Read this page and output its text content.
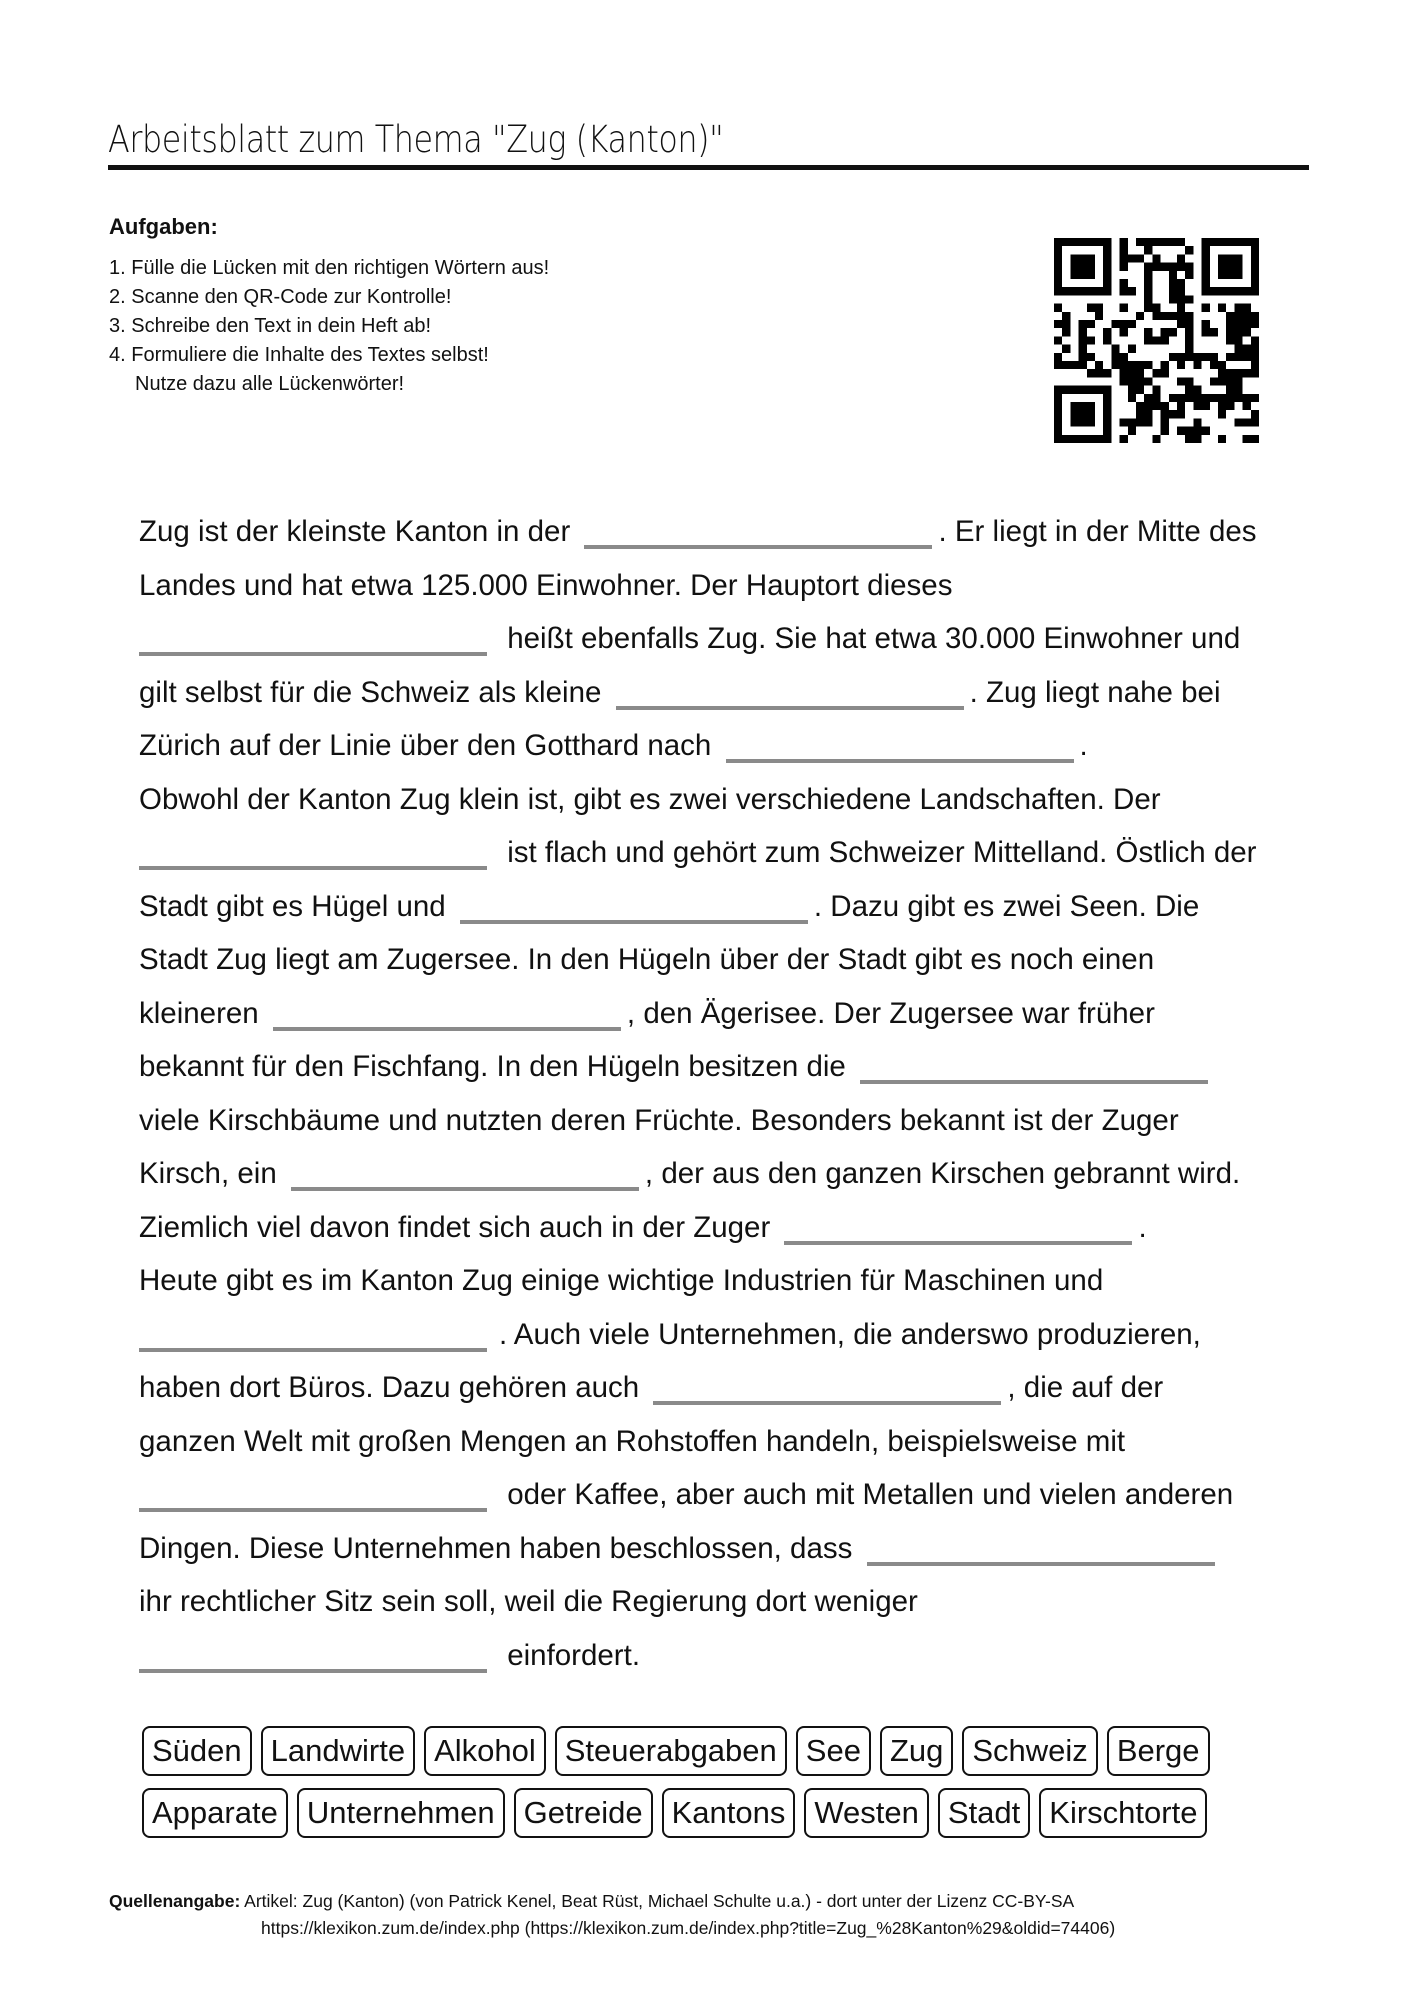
Arbeitsblatt zum Thema "Zug (Kanton)"
Aufgaben:
1. Fülle die Lücken mit den richtigen Wörtern aus!
2. Scanne den QR-Code zur Kontrolle!
3. Schreibe den Text in dein Heft ab!
4. Formuliere die Inhalte des Textes selbst!
Nutze dazu alle Lückenwörter!
Zug ist der kleinste Kanton in der	. Er liegt in der Mitte des
Landes und hat etwa 125.000 Einwohner. Der Hauptort dieses
heißt ebenfalls Zug. Sie hat etwa 30.000 Einwohner und
gilt selbst für die Schweiz als kleine	. Zug liegt nahe bei
Zürich auf der Linie über den Gotthard nach	.
Obwohl der Kanton Zug klein ist, gibt es zwei verschiedene Landschaften. Der
ist flach und gehört zum Schweizer Mittelland. Östlich der
Stadt gibt es Hügel und	. Dazu gibt es zwei Seen. Die
Stadt Zug liegt am Zugersee. In den Hügeln über der Stadt gibt es noch einen
kleineren	, den Ägerisee. Der Zugersee war früher
bekannt für den Fischfang. In den Hügeln besitzen die
viele Kirschbäume und nutzten deren Früchte. Besonders bekannt ist der Zuger
Kirsch, ein	, der aus den ganzen Kirschen gebrannt wird.
Ziemlich viel davon findet sich auch in der Zuger	.
Heute gibt es im Kanton Zug einige wichtige Industrien für Maschinen und
. Auch viele Unternehmen, die anderswo produzieren,
haben dort Büros. Dazu gehören auch	, die auf der
ganzen Welt mit großen Mengen an Rohstoffen handeln, beispielsweise mit
oder Kaffee, aber auch mit Metallen und vielen anderen
Dingen. Diese Unternehmen haben beschlossen, dass
ihr rechtlicher Sitz sein soll, weil die Regierung dort weniger
einfordert.
Süden Landwirte Alkohol Steuerabgaben See Zug Schweiz Berge
Apparate Unternehmen Getreide Kantons Westen Stadt Kirschtorte
Quellenangabe: Artikel: Zug (Kanton) (von Patrick Kenel, Beat Rüst, Michael Schulte u.a.) - dort unter der Lizenz CC-BY-SA
https://klexikon.zum.de/index.php (https://klexikon.zum.de/index.php?title=Zug_%28Kanton%29&oldid=74406)
